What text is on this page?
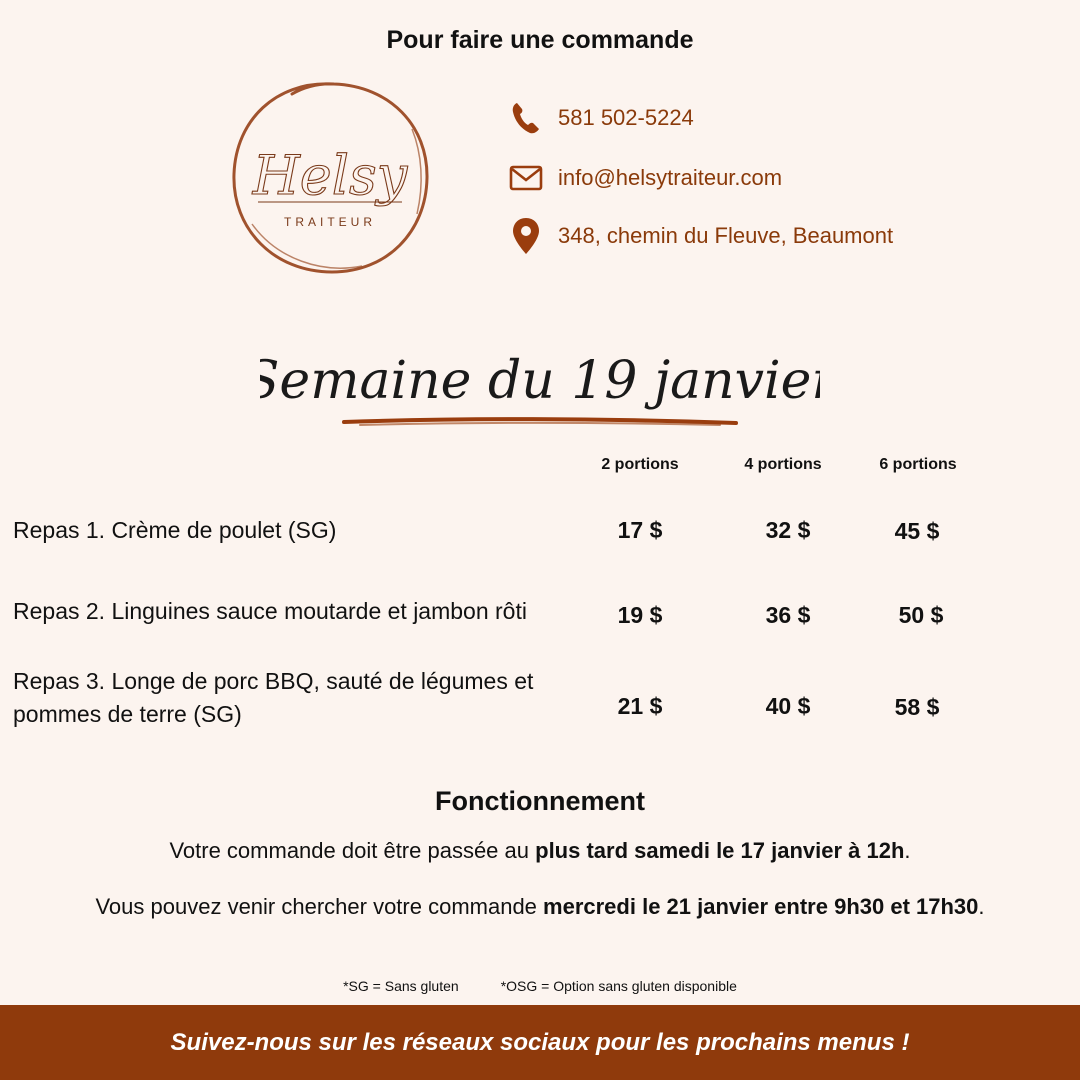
Pour faire une commande
Helsy
TRAITEUR
581 502-5224
info@helsytraiteur.com
348, chemin du Fleuve, Beaumont
Semaine du 19 janvier
2 portions	4 portions	6 portions
Repas 1. Crème de poulet (SG)	17 $	32 $	45 $
Repas 2. Linguines sauce moutarde et jambon rôti	19 $	36 $	50 $
Repas 3. Longe de porc BBQ, sauté de légumes et
pommes de terre (SG)	21 $	40 $	58 $
Fonctionnement
Votre commande doit être passée au plus tard samedi le 17 janvier à 12h.
Vous pouvez venir chercher votre commande mercredi le 21 janvier entre 9h30 et 17h30.
*SG = Sans gluten	*OSG = Option sans gluten disponible
Suivez-nous sur les réseaux sociaux pour les prochains menus !
